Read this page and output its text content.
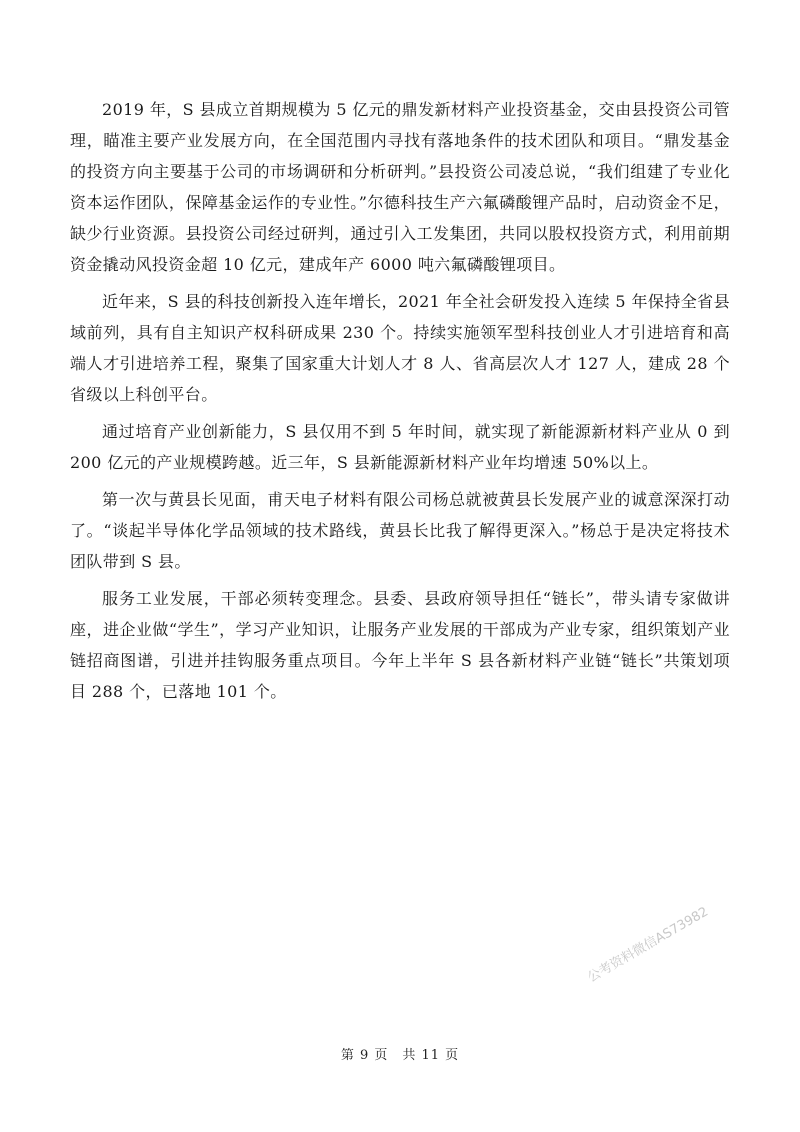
2019 年，S 县成立首期规模为 5 亿元的鼎发新材料产业投资基金，交由县投资公司管理，瞄准主要产业发展方向，在全国范围内寻找有落地条件的技术团队和项目。“鼎发基金的投资方向主要基于公司的市场调研和分析研判。”县投资公司凌总说，“我们组建了专业化资本运作团队，保障基金运作的专业性。”尔德科技生产六氟磷酸锂产品时，启动资金不足，缺少行业资源。县投资公司经过研判，通过引入工发集团，共同以股权投资方式，利用前期资金撬动风投资金超 10 亿元，建成年产 6000 吨六氟磷酸锂项目。

近年来，S 县的科技创新投入连年增长，2021 年全社会研发投入连续 5 年保持全省县域前列，具有自主知识产权科研成果 230 个。持续实施领军型科技创业人才引进培育和高端人才引进培养工程，聚集了国家重大计划人才 8 人、省高层次人才 127 人，建成 28 个省级以上科创平台。

通过培育产业创新能力，S 县仅用不到 5 年时间，就实现了新能源新材料产业从 0 到 200 亿元的产业规模跨越。近三年，S 县新能源新材料产业年均增速 50%以上。

第一次与黄县长见面，甫天电子材料有限公司杨总就被黄县长发展产业的诚意深深打动了。“谈起半导体化学品领域的技术路线，黄县长比我了解得更深入。”杨总于是决定将技术团队带到 S 县。

服务工业发展，干部必须转变理念。县委、县政府领导担任“链长”，带头请专家做讲座，进企业做“学生”，学习产业知识，让服务产业发展的干部成为产业专家，组织策划产业链招商图谱，引进并挂钩服务重点项目。今年上半年 S 县各新材料产业链“链长”共策划项目 288 个，已落地 101 个。

公考资料微信AS73982
第 9 页　共 11 页
